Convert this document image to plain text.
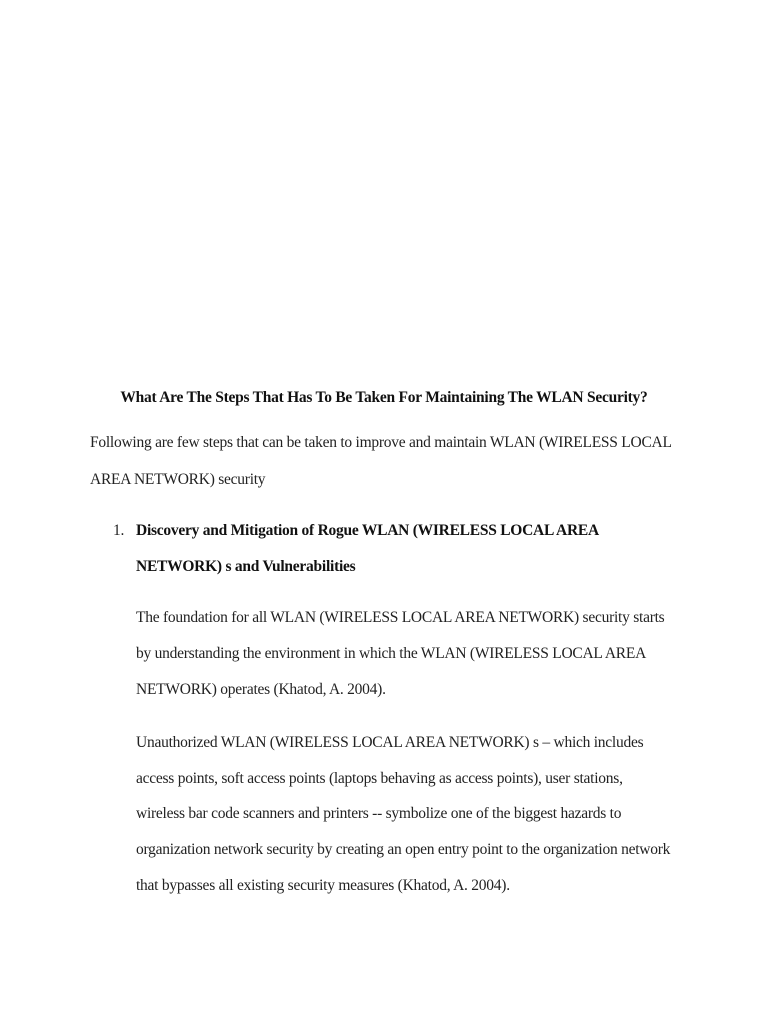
What Are The Steps That Has To Be Taken For Maintaining The WLAN Security?
Following are few steps that can be taken to improve and maintain WLAN (WIRELESS LOCAL
AREA NETWORK) security
1. Discovery and Mitigation of Rogue WLAN (WIRELESS LOCAL AREA
NETWORK) s and Vulnerabilities
The foundation for all WLAN (WIRELESS LOCAL AREA NETWORK) security starts
by understanding the environment in which the WLAN (WIRELESS LOCAL AREA
NETWORK) operates (Khatod, A. 2004).
Unauthorized WLAN (WIRELESS LOCAL AREA NETWORK) s – which includes
access points, soft access points (laptops behaving as access points), user stations,
wireless bar code scanners and printers -- symbolize one of the biggest hazards to
organization network security by creating an open entry point to the organization network
that bypasses all existing security measures (Khatod, A. 2004).
